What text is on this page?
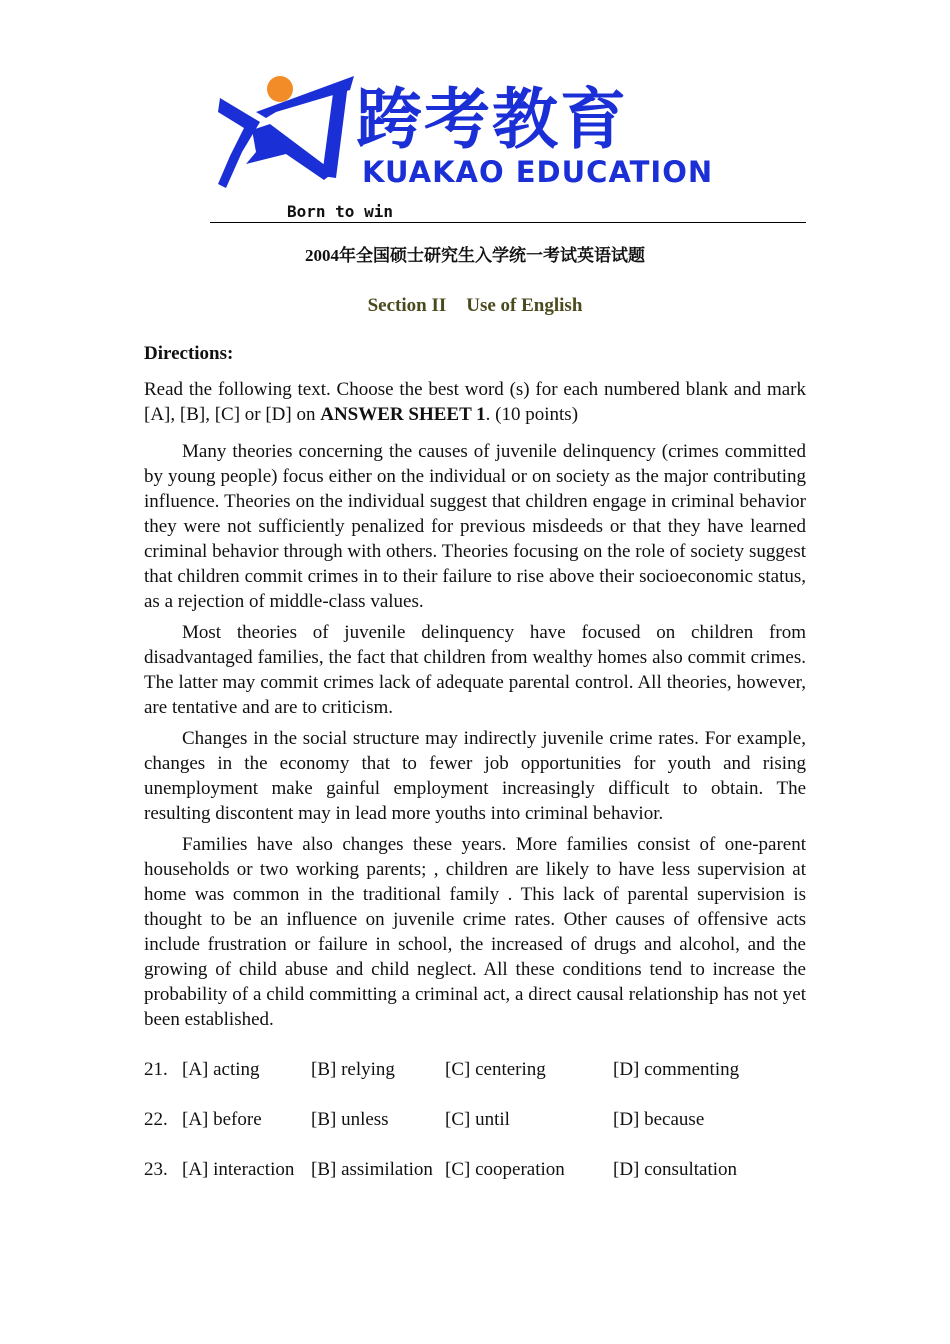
跨考教育
KUAKAO EDUCATION
Born to win

2004年全国硕士研究生入学统一考试英语试题

Section II Use of English

Directions:

Read the following text. Choose the best word (s) for each numbered blank and mark [A], [B], [C] or [D] on ANSWER SHEET 1. (10 points)

Many theories concerning the causes of juvenile delinquency (crimes committed by young people) focus either on the individual or on society as the major contributing influence. Theories on the individual suggest that children engage in criminal behavior they were not sufficiently penalized for previous misdeeds or that they have learned criminal behavior through with others. Theories focusing on the role of society suggest that children commit crimes in to their failure to rise above their socioeconomic status, as a rejection of middle-class values.

Most theories of juvenile delinquency have focused on children from disadvantaged families, the fact that children from wealthy homes also commit crimes. The latter may commit crimes lack of adequate parental control. All theories, however, are tentative and are to criticism.

Changes in the social structure may indirectly juvenile crime rates. For example, changes in the economy that to fewer job opportunities for youth and rising unemployment make gainful employment increasingly difficult to obtain. The resulting discontent may in lead more youths into criminal behavior.

Families have also changes these years. More families consist of one-parent households or two working parents; , children are likely to have less supervision at home was common in the traditional family . This lack of parental supervision is thought to be an influence on juvenile crime rates. Other causes of offensive acts include frustration or failure in school, the increased of drugs and alcohol, and the growing of child abuse and child neglect. All these conditions tend to increase the probability of a child committing a criminal act, a direct causal relationship has not yet been established.

21. [A] acting	[B] relying	[C] centering	[D] commenting
22. [A] before	[B] unless	[C] until	[D] because
23. [A] interaction [B] assimilation [C] cooperation	[D] consultation
